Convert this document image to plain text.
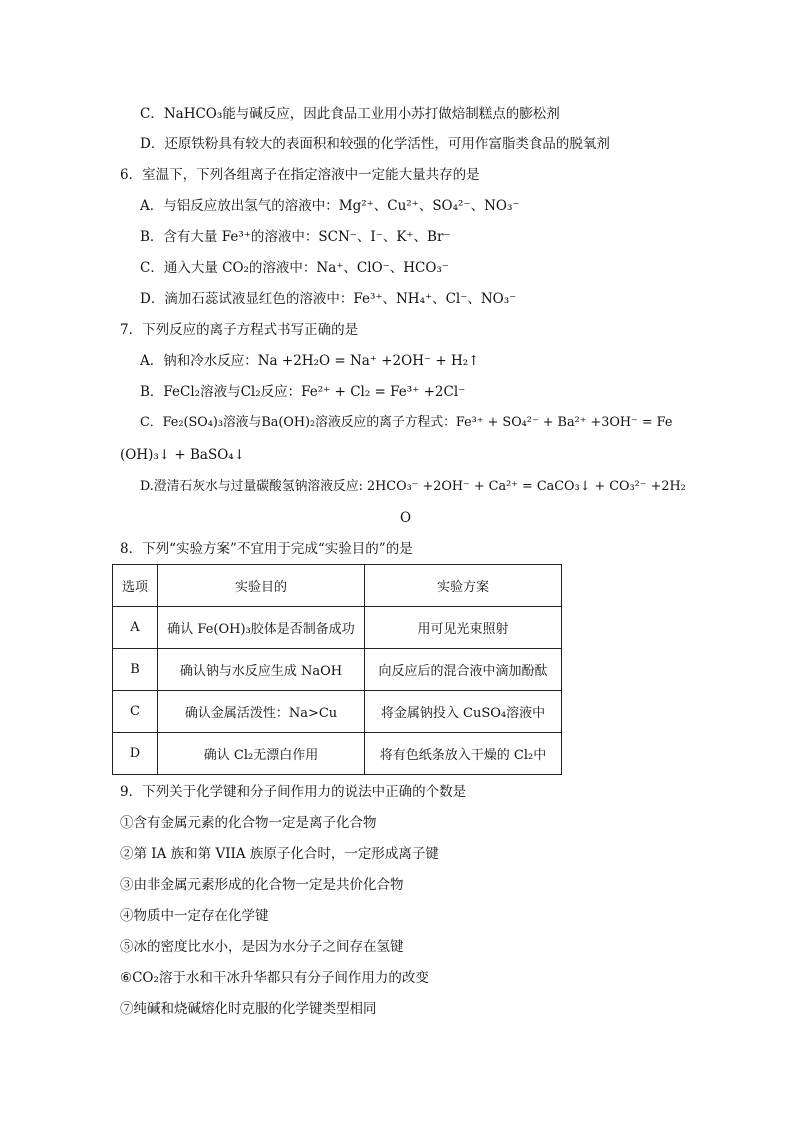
C．NaHCO₃能与碱反应，因此食品工业用小苏打做焙制糕点的膨松剂
D．还原铁粉具有较大的表面积和较强的化学活性，可用作富脂类食品的脱氧剂
6．室温下，下列各组离子在指定溶液中一定能大量共存的是
A．与铝反应放出氢气的溶液中：Mg²⁺、Cu²⁺、SO₄²⁻、NO₃⁻
B．含有大量 Fe³⁺的溶液中：SCN⁻、I⁻、K⁺、Br⁻
C．通入大量 CO₂的溶液中：Na⁺、ClO⁻、HCO₃⁻
D．滴加石蕊试液显红色的溶液中：Fe³⁺、NH₄⁺、Cl⁻、NO₃⁻
7．下列反应的离子方程式书写正确的是
A．钠和冷水反应：Na +2H₂O = Na⁺ +2OH⁻ + H₂↑
B．FeCl₂溶液与Cl₂反应：Fe²⁺ + Cl₂ = Fe³⁺ +2Cl⁻
C．Fe₂(SO₄)₃溶液与Ba(OH)₂溶液反应的离子方程式：Fe³⁺ + SO₄²⁻ + Ba²⁺ +3OH⁻ = Fe
(OH)₃↓ + BaSO₄↓
D.澄清石灰水与过量碳酸氢钠溶液反应: 2HCO₃⁻ +2OH⁻ + Ca²⁺ = CaCO₃↓ + CO₃²⁻ +2H₂
O
8．下列“实验方案”不宜用于完成“实验目的”的是
选项	实验目的	实验方案
A	确认 Fe(OH)₃胶体是否制备成功	用可见光束照射
B	确认钠与水反应生成 NaOH	向反应后的混合液中滴加酚酞
C	确认金属活泼性：Na>Cu	将金属钠投入 CuSO₄溶液中
D	确认 Cl₂无漂白作用	将有色纸条放入干燥的 Cl₂中
9．下列关于化学键和分子间作用力的说法中正确的个数是
①含有金属元素的化合物一定是离子化合物
②第 IA 族和第 VIIA 族原子化合时，一定形成离子键
③由非金属元素形成的化合物一定是共价化合物
④物质中一定存在化学键
⑤冰的密度比水小，是因为水分子之间存在氢键
⑥CO₂溶于水和干冰升华都只有分子间作用力的改变
⑦纯碱和烧碱熔化时克服的化学键类型相同
